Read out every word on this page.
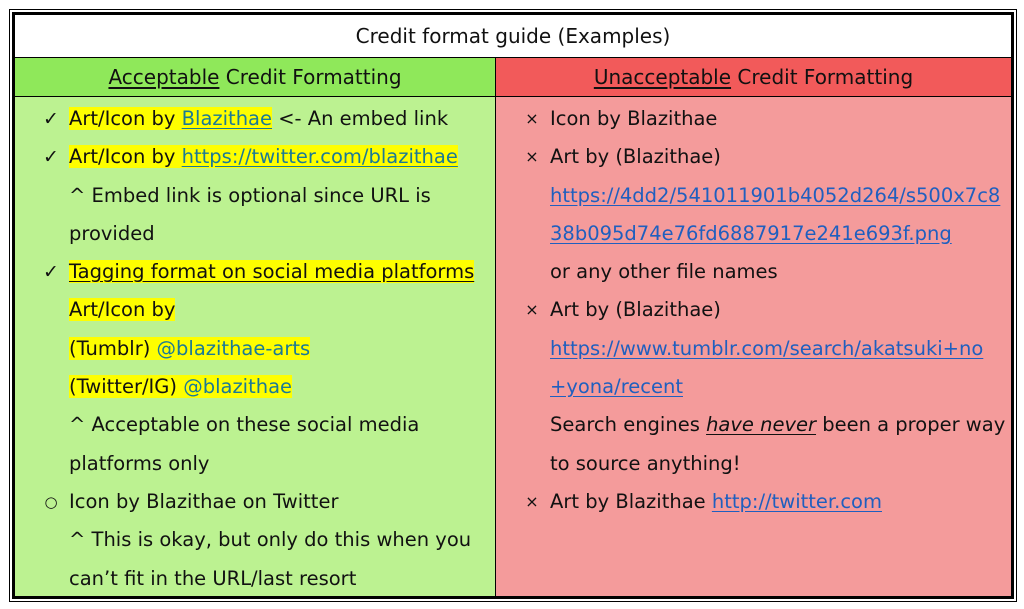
Credit format guide (Examples)
Acceptable Credit Formatting	Unacceptable Credit Formatting
✓ Art/Icon by Blazithae <- An embed link
✓ Art/Icon by https://twitter.com/blazithae
^ Embed link is optional since URL is
provided
✓ Tagging format on social media platforms
Art/Icon by
(Tumblr) @blazithae-arts
(Twitter/IG) @blazithae
^ Acceptable on these social media
platforms only
○ Icon by Blazithae on Twitter
^ This is okay, but only do this when you
can’t fit in the URL/last resort
× Icon by Blazithae
× Art by (Blazithae)
https://4dd2/541011901b4052d264/s500x7c8
38b095d74e76fd6887917e241e693f.png
or any other file names
× Art by (Blazithae)
https://www.tumblr.com/search/akatsuki+no
+yona/recent
Search engines have never been a proper way
to source anything!
× Art by Blazithae http://twitter.com
